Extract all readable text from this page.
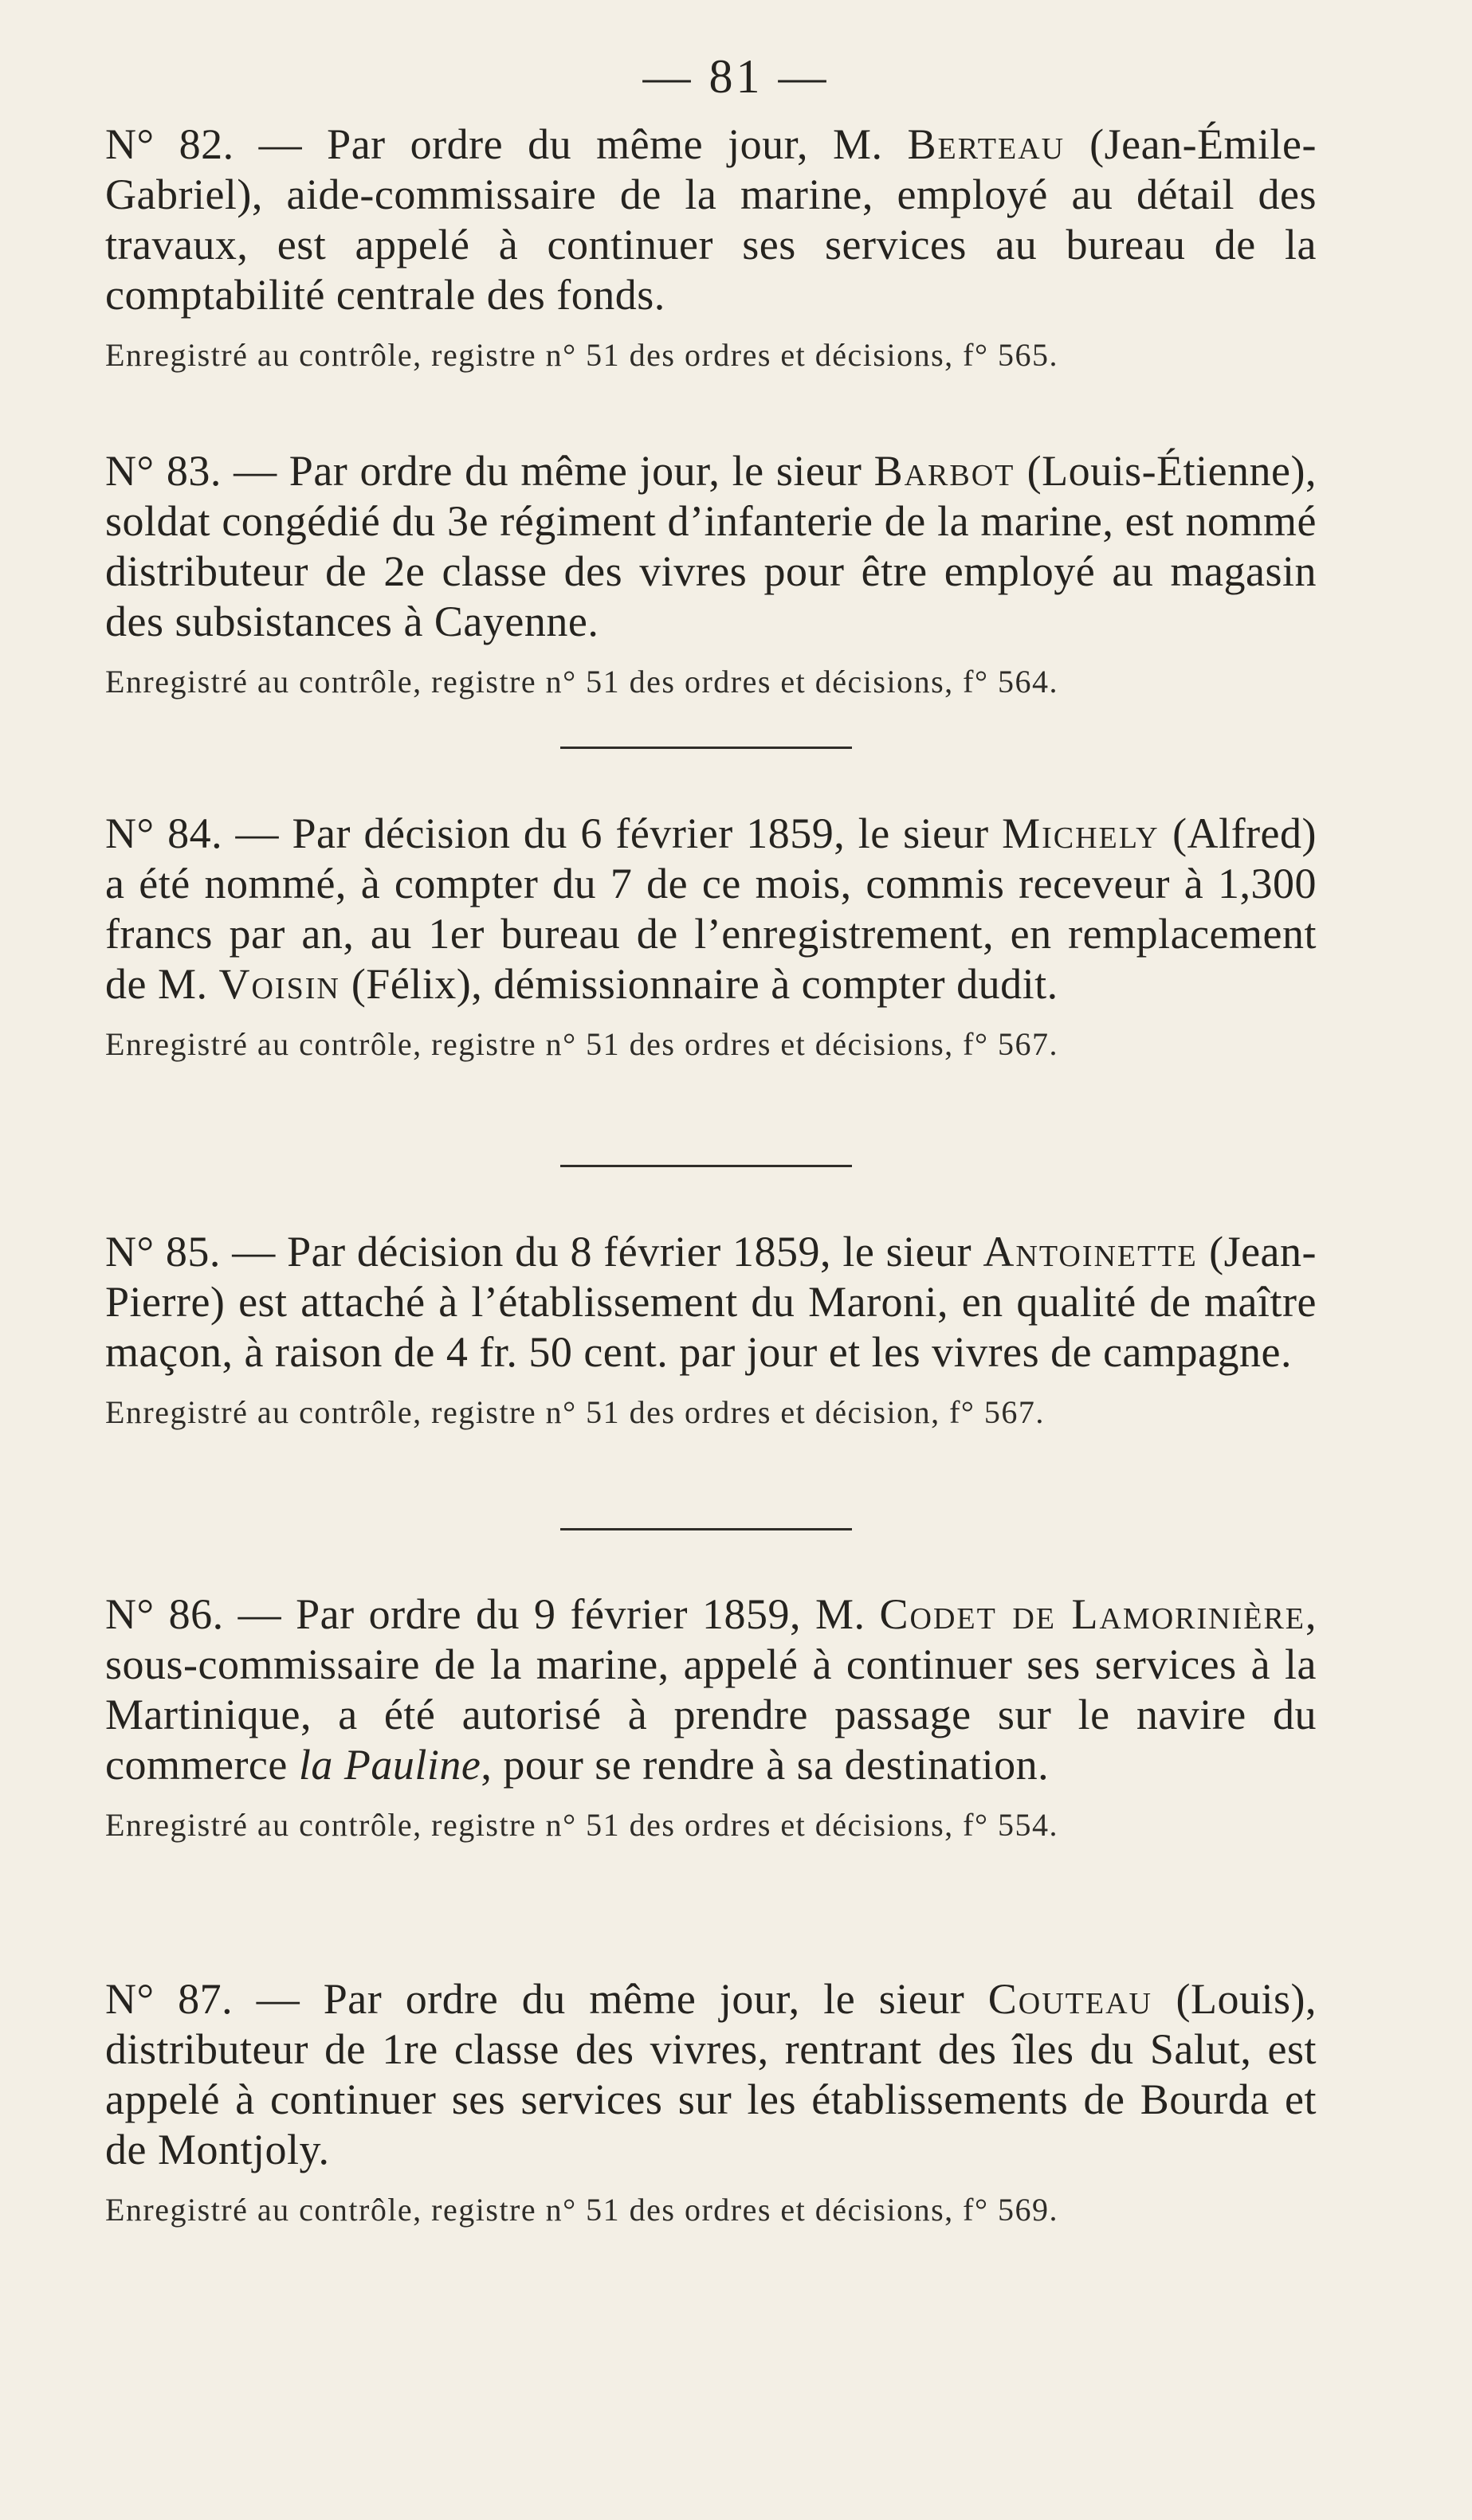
— 81 —

N° 82. — Par ordre du même jour, M. Berteau (Jean-Émile-Gabriel), aide-commissaire de la marine, employé au détail des travaux, est appelé à continuer ses services au bureau de la comptabilité centrale des fonds.

Enregistré au contrôle, registre n° 51 des ordres et décisions, f° 565.

N° 83. — Par ordre du même jour, le sieur Barbot (Louis-Étienne), soldat congédié du 3e régiment d’infanterie de la marine, est nommé distributeur de 2e classe des vivres pour être employé au magasin des subsistances à Cayenne.

Enregistré au contrôle, registre n° 51 des ordres et décisions, f° 564.

N° 84. — Par décision du 6 février 1859, le sieur Michely (Alfred) a été nommé, à compter du 7 de ce mois, commis receveur à 1,300 francs par an, au 1er bureau de l’enregistrement, en remplacement de M. Voisin (Félix), démissionnaire à compter dudit.

Enregistré au contrôle, registre n° 51 des ordres et décisions, f° 567.

N° 85. — Par décision du 8 février 1859, le sieur Antoinette (Jean-Pierre) est attaché à l’établissement du Maroni, en qualité de maître maçon, à raison de 4 fr. 50 cent. par jour et les vivres de campagne.

Enregistré au contrôle, registre n° 51 des ordres et décision, f° 567.

N° 86. — Par ordre du 9 février 1859, M. Codet de Lamorinière, sous-commissaire de la marine, appelé à continuer ses services à la Martinique, a été autorisé à prendre passage sur le navire du commerce la Pauline, pour se rendre à sa destination.

Enregistré au contrôle, registre n° 51 des ordres et décisions, f° 554.

N° 87. — Par ordre du même jour, le sieur Couteau (Louis), distributeur de 1re classe des vivres, rentrant des îles du Salut, est appelé à continuer ses services sur les établissements de Bourda et de Montjoly.

Enregistré au contrôle, registre n° 51 des ordres et décisions, f° 569.
